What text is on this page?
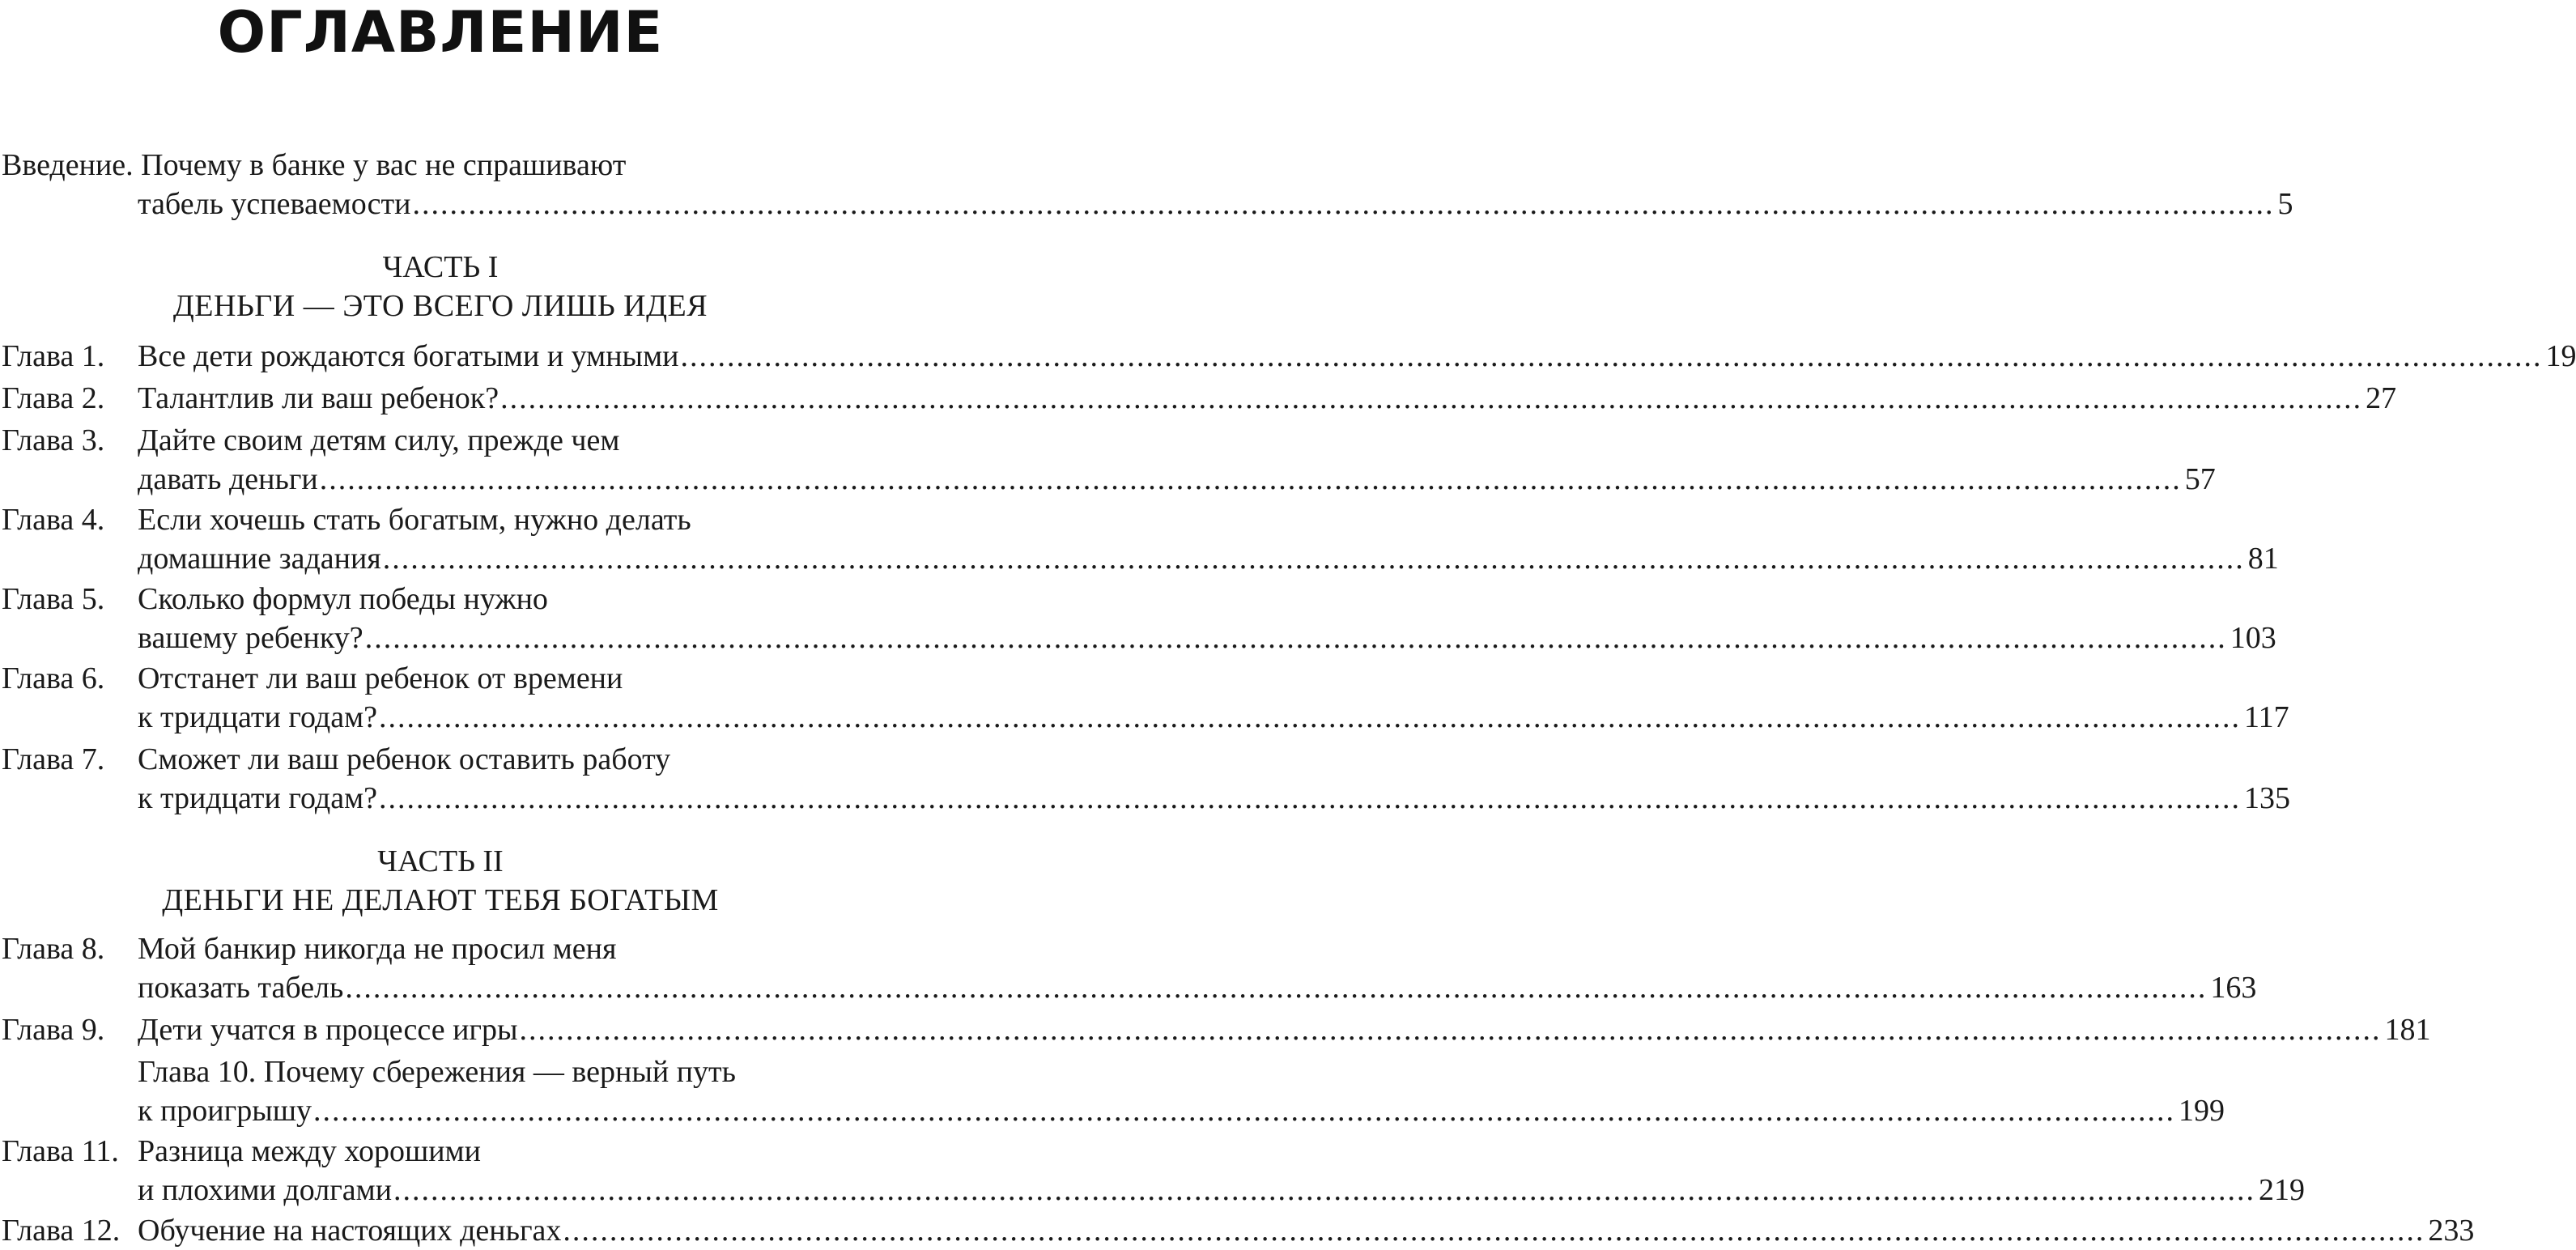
ОГЛАВЛЕНИЕ
Введение. Почему в банке у вас не спрашивают
табель успеваемости ........................................................................................................................................................................................................ 5
ЧАСТЬ I
ДЕНЬГИ — ЭТО ВСЕГО ЛИШЬ ИДЕЯ
Глава 1. Все дети рождаются богатыми и умными ........................................................................................................................................................................................................ 19
Глава 2. Талантлив ли ваш ребенок? ........................................................................................................................................................................................................ 27
Глава 3. Дайте своим детям силу, прежде чем
давать деньги ........................................................................................................................................................................................................ 57
Глава 4. Если хочешь стать богатым, нужно делать
домашние задания ........................................................................................................................................................................................................ 81
Глава 5. Сколько формул победы нужно
вашему ребенку? ........................................................................................................................................................................................................ 103
Глава 6. Отстанет ли ваш ребенок от времени
к тридцати годам? ........................................................................................................................................................................................................ 117
Глава 7. Сможет ли ваш ребенок оставить работу
к тридцати годам? ........................................................................................................................................................................................................ 135
ЧАСТЬ II
ДЕНЬГИ НЕ ДЕЛАЮТ ТЕБЯ БОГАТЫМ
Глава 8. Мой банкир никогда не просил меня
показать табель ........................................................................................................................................................................................................ 163
Глава 9. Дети учатся в процессе игры ........................................................................................................................................................................................................ 181
Глава 10. Почему сбережения — верный путь
к проигрышу ........................................................................................................................................................................................................ 199
Глава 11. Разница между хорошими
и плохими долгами ........................................................................................................................................................................................................ 219
Глава 12. Обучение на настоящих деньгах ........................................................................................................................................................................................................ 233
